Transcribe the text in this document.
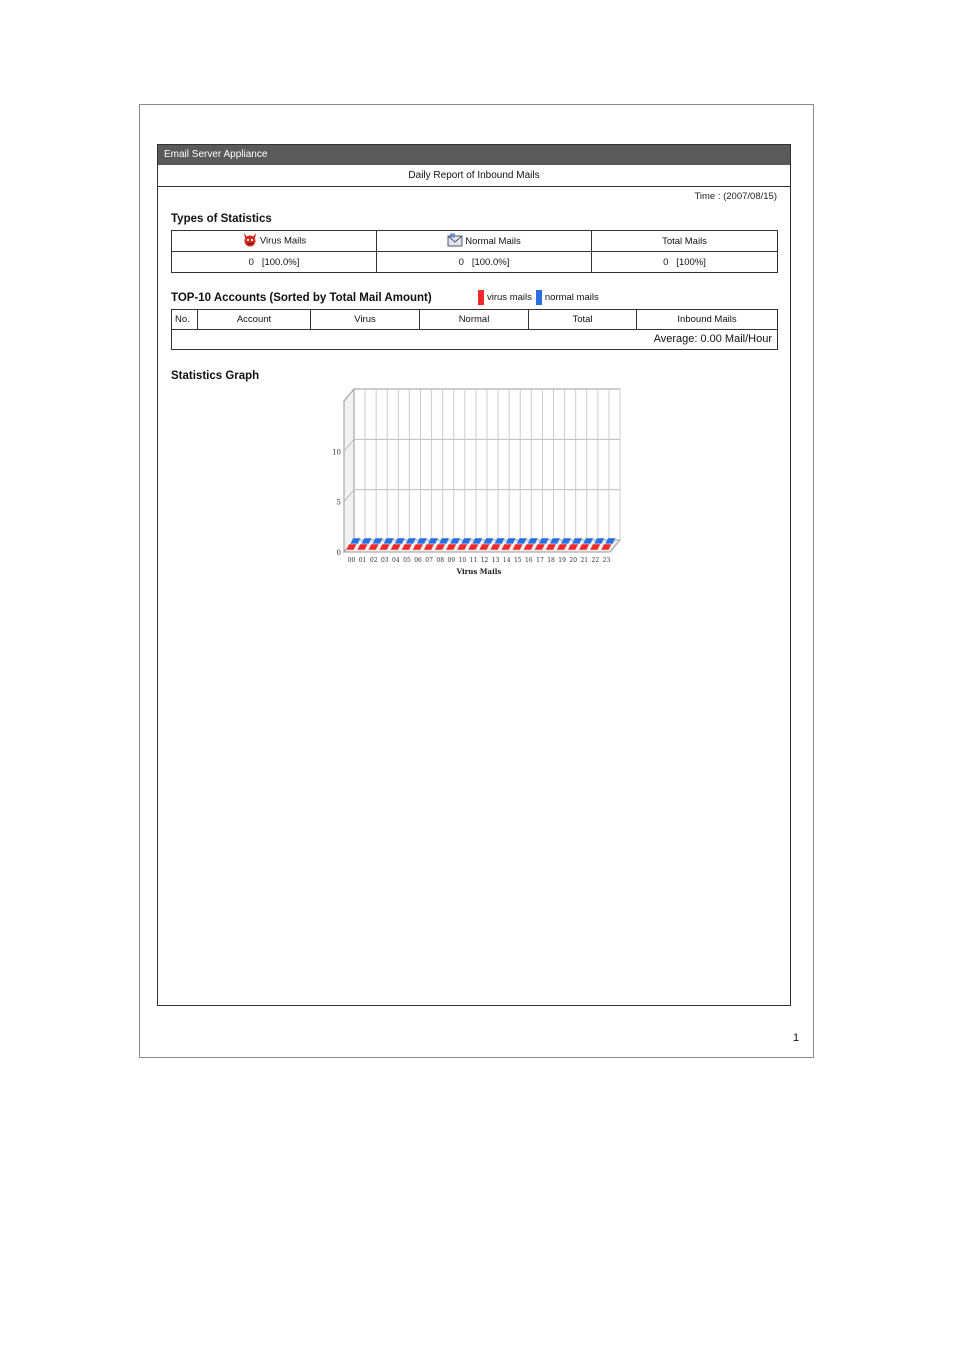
Email Server Appliance
Daily Report of Inbound Mails
Time : (2007/08/15)
Types of Statistics
Virus Mails	Normal Mails	Total Mails
0   [100.0%]	0   [100.0%]	0   [100%]
TOP-10 Accounts (Sorted by Total Mail Amount)	virus mails normal mails
No.	Account	Virus	Normal	Total	Inbound Mails
Average: 0.00 Mail/Hour
Statistics Graph
0
5
10
00 01 02 03 04 05 06 07 08 09 10 11 12 13 14 15 16 17 18 19 20 21 22 23
Virus Mails
1
